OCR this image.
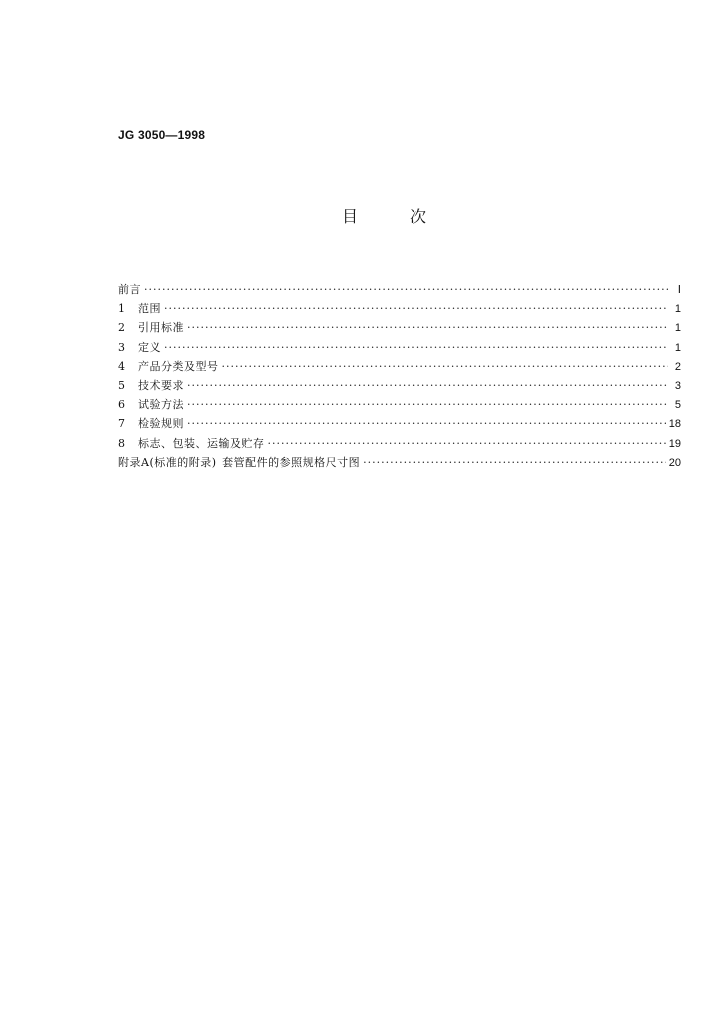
JG 3050—1998
目	次
前言 ·····	Ⅰ
1	范围 ·····	1
2	引用标准 ·····	1
3	定义 ·····	1
4	产品分类及型号 ·····	2
5	技术要求 ·····	3
6	试验方法 ·····	5
7	检验规则 ·····	18
8	标志、包装、运输及贮存 ·····	19
附录A(标准的附录) 套管配件的参照规格尺寸图 ·····	20
